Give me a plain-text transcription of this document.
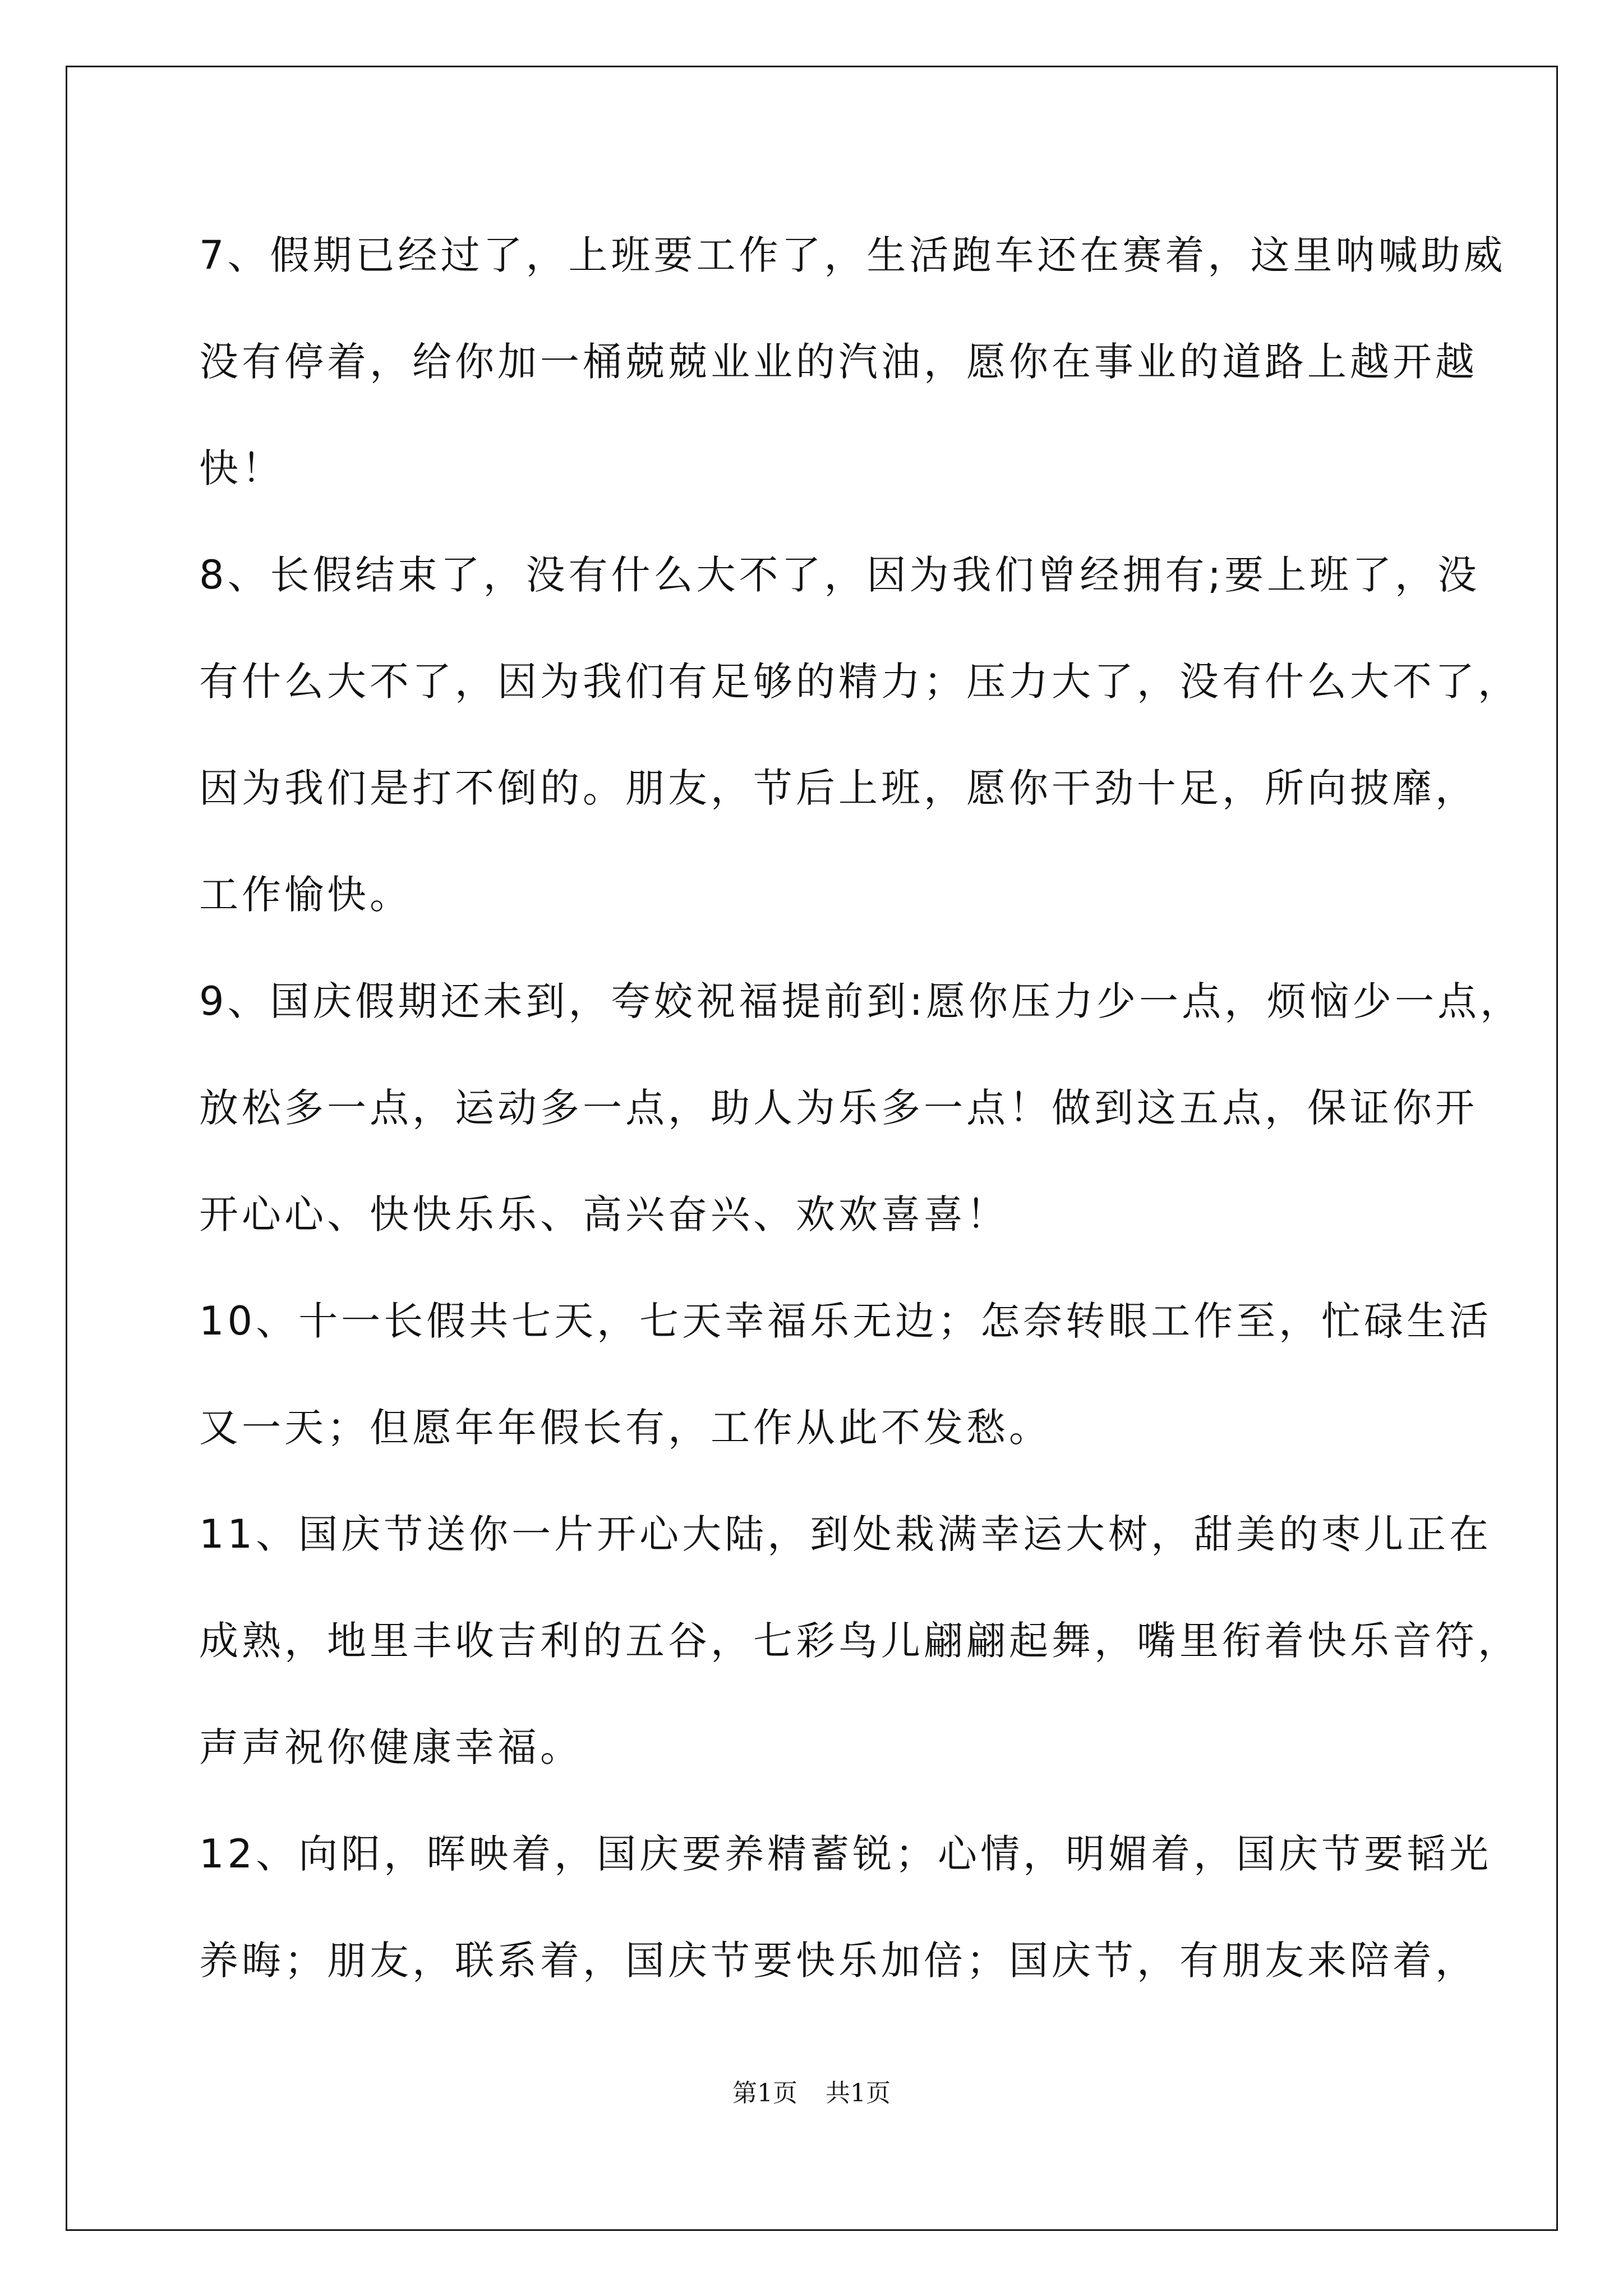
7、假期已经过了，上班要工作了，生活跑车还在赛着，这里呐喊助威

没有停着，给你加一桶兢兢业业的汽油，愿你在事业的道路上越开越

快！

8、长假结束了，没有什么大不了，因为我们曾经拥有;要上班了，没

有什么大不了，因为我们有足够的精力；压力大了，没有什么大不了，

因为我们是打不倒的。朋友，节后上班，愿你干劲十足，所向披靡，

工作愉快。

9、国庆假期还未到，夸姣祝福提前到:愿你压力少一点，烦恼少一点，

放松多一点，运动多一点，助人为乐多一点！做到这五点，保证你开

开心心、快快乐乐、高兴奋兴、欢欢喜喜！

10、十一长假共七天，七天幸福乐无边；怎奈转眼工作至，忙碌生活

又一天；但愿年年假长有，工作从此不发愁。

11、国庆节送你一片开心大陆，到处栽满幸运大树，甜美的枣儿正在

成熟，地里丰收吉利的五谷，七彩鸟儿翩翩起舞，嘴里衔着快乐音符，

声声祝你健康幸福。

12、向阳，晖映着，国庆要养精蓄锐；心情，明媚着，国庆节要韬光

养晦；朋友，联系着，国庆节要快乐加倍；国庆节，有朋友来陪着，

第1页 共1页
